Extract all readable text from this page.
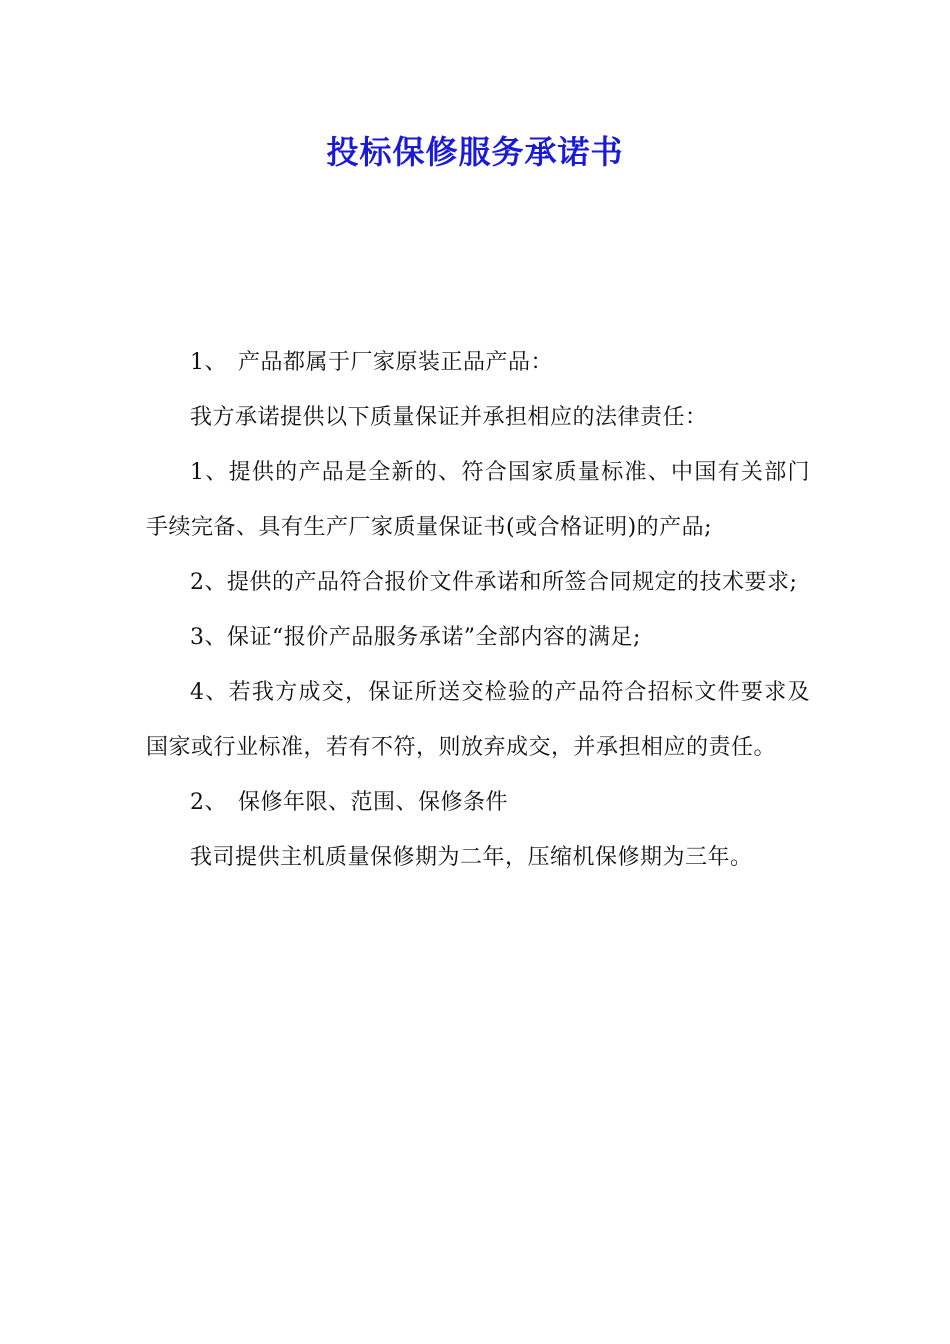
投标保修服务承诺书

1、 产品都属于厂家原装正品产品：

我方承诺提供以下质量保证并承担相应的法律责任：

1、提供的产品是全新的、符合国家质量标准、中国有关部门手续完备、具有生产厂家质量保证书(或合格证明)的产品;

2、提供的产品符合报价文件承诺和所签合同规定的技术要求;

3、保证“报价产品服务承诺”全部内容的满足;

4、若我方成交，保证所送交检验的产品符合招标文件要求及国家或行业标准，若有不符，则放弃成交，并承担相应的责任。

2、 保修年限、范围、保修条件

我司提供主机质量保修期为二年，压缩机保修期为三年。
